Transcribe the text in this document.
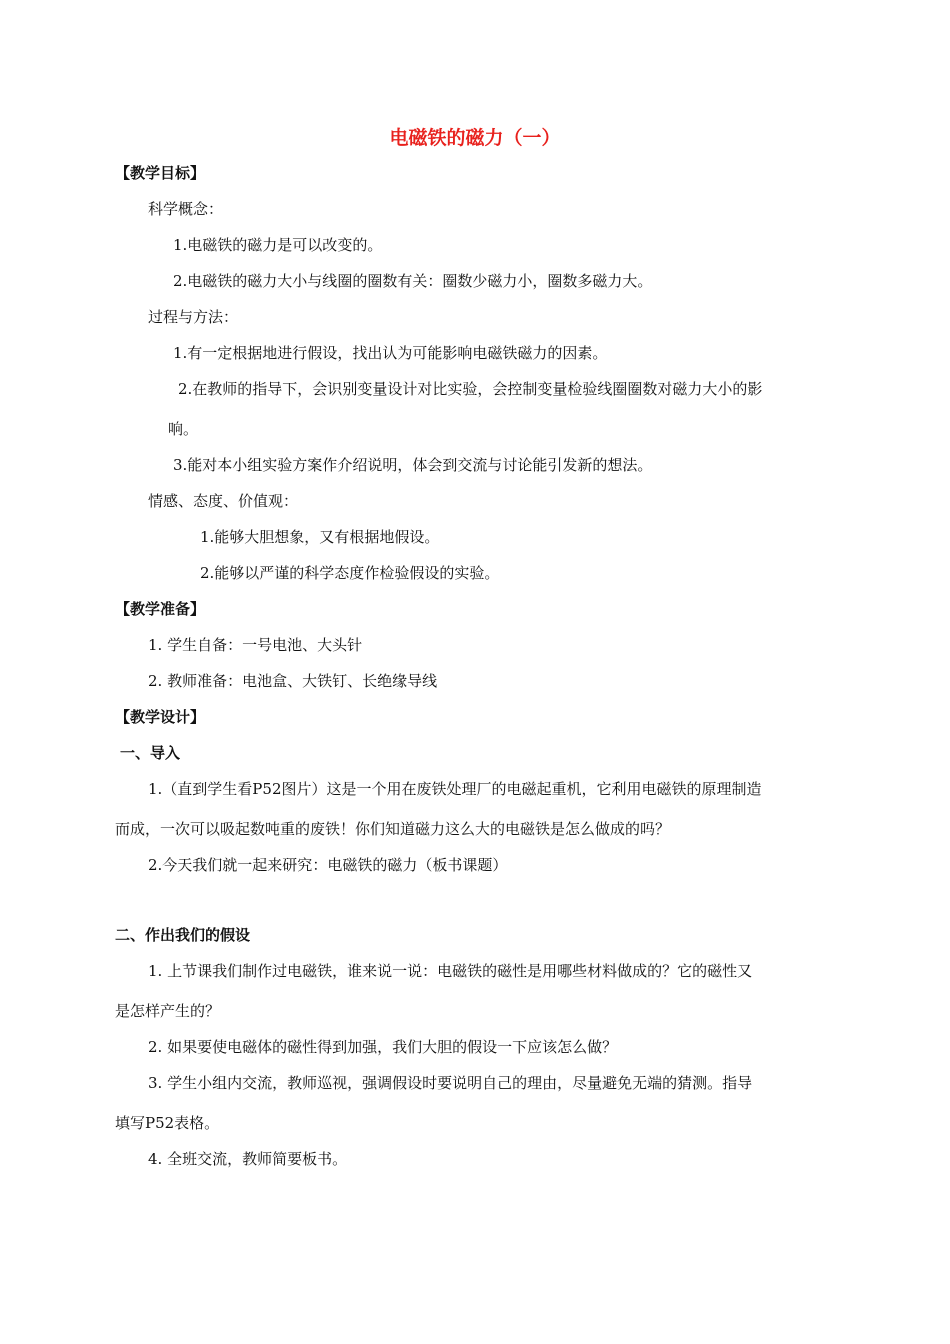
电磁铁的磁力（一）
【教学目标】
科学概念：
1.电磁铁的磁力是可以改变的。
2.电磁铁的磁力大小与线圈的圈数有关：圈数少磁力小，圈数多磁力大。
过程与方法：
1.有一定根据地进行假设，找出认为可能影响电磁铁磁力的因素。
2.在教师的指导下，会识别变量设计对比实验，会控制变量检验线圈圈数对磁力大小的影
响。
3.能对本小组实验方案作介绍说明，体会到交流与讨论能引发新的想法。
情感、态度、价值观：
1.能够大胆想象，又有根据地假设。
2.能够以严谨的科学态度作检验假设的实验。
【教学准备】
1. 学生自备：一号电池、大头针
2. 教师准备：电池盒、大铁钉、长绝缘导线
【教学设计】
一、导入
1.（直到学生看P52图片）这是一个用在废铁处理厂的电磁起重机，它利用电磁铁的原理制造
而成，一次可以吸起数吨重的废铁！你们知道磁力这么大的电磁铁是怎么做成的吗？
2.今天我们就一起来研究：电磁铁的磁力（板书课题）
二、作出我们的假设
1. 上节课我们制作过电磁铁，谁来说一说：电磁铁的磁性是用哪些材料做成的？它的磁性又
是怎样产生的？
2. 如果要使电磁体的磁性得到加强，我们大胆的假设一下应该怎么做？
3. 学生小组内交流，教师巡视，强调假设时要说明自己的理由，尽量避免无端的猜测。指导
填写P52表格。
4. 全班交流，教师简要板书。
